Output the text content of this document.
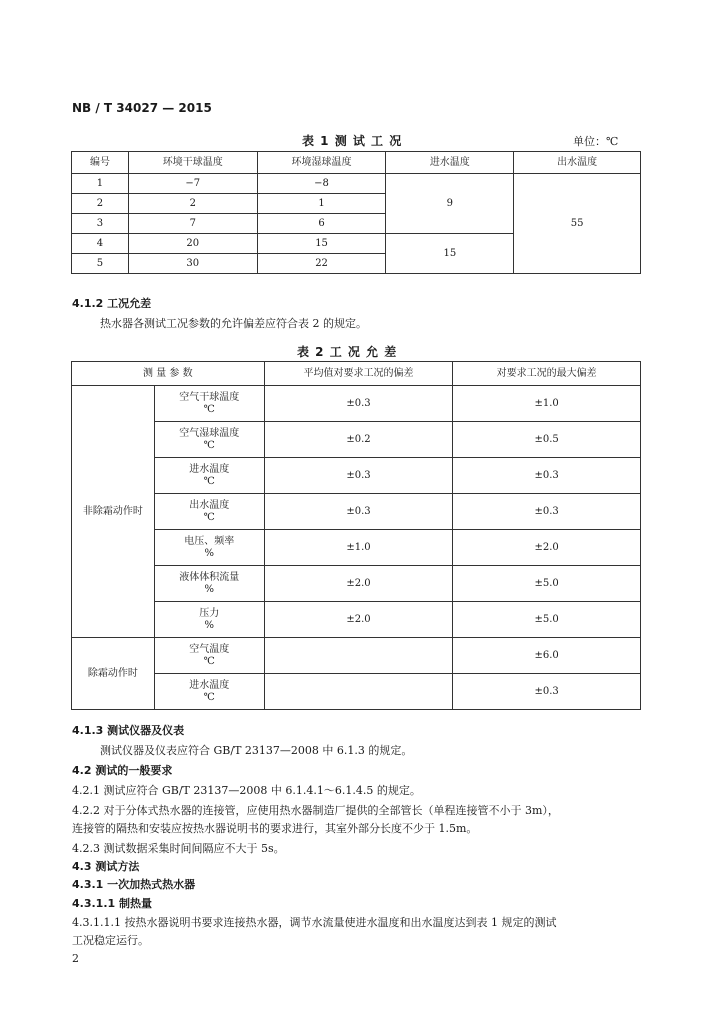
NB / T 34027 — 2015
表 1 测 试 工 况	单位：℃
编号	环境干球温度	环境湿球温度	进水温度	出水温度
1	−7	−8	9	55
2	2	1		
3	7	6		
4	20	15	15	
5	30	22		
4.1.2 工况允差
热水器各测试工况参数的允许偏差应符合表 2 的规定。
表 2 工 况 允 差
测 量 参 数		平均值对要求工况的偏差	对要求工况的最大偏差
非除霜动作时	空气干球温度
℃	±0.3	±1.0

	空气湿球温度
℃	±0.2	±0.5

	进水温度
℃	±0.3	±0.3

	出水温度
℃	±0.3	±0.3

	电压、频率
%	±1.0	±2.0

	液体体积流量
%	±2.0	±5.0

	压力
%	±2.0	±5.0
除霜动作时	空气温度
℃		±6.0

	进水温度
℃		±0.3
4.1.3 测试仪器及仪表
测试仪器及仪表应符合 GB/T 23137—2008 中 6.1.3 的规定。
4.2 测试的一般要求
4.2.1 测试应符合 GB/T 23137—2008 中 6.1.4.1～6.1.4.5 的规定。
4.2.2 对于分体式热水器的连接管，应使用热水器制造厂提供的全部管长（单程连接管不小于 3m），
连接管的隔热和安装应按热水器说明书的要求进行，其室外部分长度不少于 1.5m。
4.2.3 测试数据采集时间间隔应不大于 5s。
4.3 测试方法
4.3.1 一次加热式热水器
4.3.1.1 制热量
4.3.1.1.1 按热水器说明书要求连接热水器，调节水流量使进水温度和出水温度达到表 1 规定的测试
工况稳定运行。
2
